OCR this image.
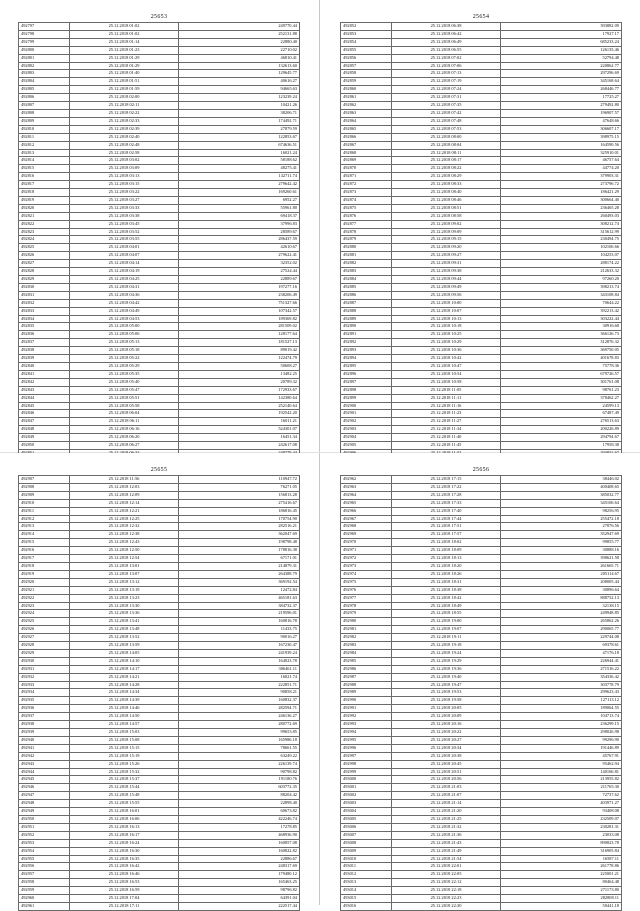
25653
492797	25.12.2018 01:02	249770.44
492798	25.12.2018 01:02	252131.88
492799	25.12.2018 01:14	22880.40
492800	25.12.2018 01:23	22710.02
492801	25.12.2018 01:29	46810.41
492802	25.12.2018 01:29	132613.60
492803	25.12.2018 01:40	129645.77
492804	25.12.2018 01:51	40616.27
492805	25.12.2018 01:59	94665.63
492806	25.12.2018 02:00	123239.24
492807	25.12.2018 02:11	10421.26
492808	25.12.2018 02:22	38206.71
492809	25.12.2018 02:33	174492.71
492810	25.12.2018 02:39	27879.59
492811	25.12.2018 02:40	122853.67
492812	25.12.2018 02:48	674636.51
492813	25.12.2018 02:58	16021.24
492814	25.12.2018 03:02	58188.62
492815	25.12.2018 03:09	48275.41
492816	25.12.2018 03:13	132711.74
492817	25.12.2018 03:15	279642.42
492818	25.12.2018 03:22	169260.61
492819	25.12.2018 03:27	6952.27
492820	25.12.2018 03:33	55961.80
492821	25.12.2018 03:38	69418.37
492822	25.12.2018 03:45	37996.83
492823	25.12.2018 03:52	28589.67
492824	25.12.2018 03:55	286437.59
492825	25.12.2018 04:01	42610.67
492826	25.12.2018 04:07	279622.41
492827	25.12.2018 04:14	32352.02
492828	25.12.2018 04:19	27524.44
492829	25.12.2018 04:25	22889.67
492830	25.12.2018 04:31	197277.16
492831	25.12.2018 04:36	238206.49
492832	25.12.2018 04:42	751327.66
492833	25.12.2018 04:49	107342.57
492834	25.12.2018 04:53	189369.82
492835	25.12.2018 05:00	281509.02
492836	25.12.2018 05:06	128177.64
492837	25.12.2018 05:13	181527.13
492838	25.12.2018 05:18	89019.42
492839	25.12.2018 05:22	122474.79
492840	25.12.2018 05:29	50608.27
492841	25.12.2018 05:35	13482.25
492842	25.12.2018 05:40	20789.32
492843	25.12.2018 05:47	172933.67
492844	25.12.2018 05:51	142380.64
492845	25.12.2018 05:58	252140.64
492846	25.12.2018 06:04	192542.20
492847	25.12.2018 06:11	16011.21
492848	25.12.2018 06:16	524301.07
492849	25.12.2018 06:20	16451.34
492850	25.12.2018 06:27	242617.08

25654
492852	25.12.2018 06:38	393882.09
492853	25.12.2018 06:42	17927.17
492854	25.12.2018 06:49	685233.24
492855	25.12.2018 06:55	126135.46
492856	25.12.2018 07:02	52794.48
492857	25.12.2018 07:06	220862.77
492858	25.12.2018 07:13	297296.69
492859	25.12.2018 07:19	345168.64
492860	25.12.2018 07:24	268446.77
492861	25.12.2018 07:31	17725.27
492862	25.12.2018 07:35	279492.80
492863	25.12.2018 07:42	196907.57
492864	25.12.2018 07:48	47648.66
492865	25.12.2018 07:53	306607.17
492866	25.12.2018 08:00	398975.15
492867	25.12.2018 08:04	164590.56
492868	25.12.2018 08:11	325910.01
492869	25.12.2018 08:17	46757.64
492870	25.12.2018 08:22	44774.20
492871	25.12.2018 08:29	379903.31
492872	25.12.2018 08:33	273796.72
492873	25.12.2018 08:40	186421.29
492874	25.12.2018 08:46	300664.40
492875	25.12.2018 08:51	236465.28
492876	25.12.2018 08:58	260493.03
492877	25.12.2018 09:02	308212.74
492878	25.12.2018 09:09	315612.99
492879	25.12.2018 09:15	230494.75
492880	25.12.2018 09:20	102106.66
492881	25.12.2018 09:27	104253.07
492882	25.12.2018 09:31	288174.22
492883	25.12.2018 09:38	212633.32
492884	25.12.2018 09:44	97260.20
492885	25.12.2018 09:49	398213.74
492886	25.12.2018 09:56	343108.84
492887	25.12.2018 10:00	70644.22
492888	25.12.2018 10:07	392213.42
492889	25.12.2018 10:13	303222.44
492890	25.12.2018 10:18	30916.68
492891	25.12.2018 10:25	366126.73
492892	25.12.2018 10:29	312876.32
492893	25.12.2018 10:36	369750.05
492894	25.12.2018 10:42	401678.83
492895	25.12.2018 10:47	75778.36
492896	25.12.2018 10:54	679726.57
492897	25.12.2018 10:58	301761.08
492898	25.12.2018 11:05	98761.23
492899	25.12.2018 11:11	378462.27
492900	25.12.2018 11:16	24599.13
492901	25.12.2018 11:23	67487.49
492902	25.12.2018 11:27	276513.63
492903	25.12.2018 11:34	200226.89
492904	25.12.2018 11:40	294794.67
492905	25.12.2018 11:45	17958.38

25655
492907	25.12.2018 11:56	110947.72
492908	25.12.2018 12:03	76271.05
492909	25.12.2018 12:09	156813.28
492910	25.12.2018 12:14	275416.67
492911	25.12.2018 12:21	186816.45
492912	25.12.2018 12:25	170754.90
492913	25.12.2018 12:32	282516.21
492914	25.12.2018 12:38	362047.69
492915	25.12.2018 12:43	198798.48
492916	25.12.2018 12:50	178816.38
492917	25.12.2018 12:54	67171.01
492918	25.12.2018 13:01	214879.31
492919	25.12.2018 13:07	264388.79
492920	25.12.2018 13:12	369192.54
492921	25.12.2018 13:19	12472.84
492922	25.12.2018 13:23	465181.63
492923	25.12.2018 13:30	384732.37
492924	25.12.2018 13:36	219596.01
492925	25.12.2018 13:41	160816.78
492926	25.12.2018 13:48	11433.75
492927	25.12.2018 13:52	90016.27
492928	25.12.2018 13:59	167230.47
492929	25.12.2018 14:05	241939.24
492930	25.12.2018 14:10	164023.78
492931	25.12.2018 14:17	306461.11
492932	25.12.2018 14:21	16021.74
492933	25.12.2018 14:28	222851.71
492934	25.12.2018 14:34	90858.21
492935	25.12.2018 14:39	160832.37
492936	25.12.2018 14:46	282594.71
492937	25.12.2018 14:50	246136.27
492938	25.12.2018 14:57	280772.69
492939	25.12.2018 15:03	99653.85
492940	25.12.2018 15:08	165986.18
492941	25.12.2018 15:15	78661.55
492942	25.12.2018 15:19	63249.22
492943	25.12.2018 15:26	226139.74
492944	25.12.2018 15:32	90798.82
492945	25.12.2018 15:37	191180.76
492946	25.12.2018 15:44	603772.35
492947	25.12.2018 15:48	88204.42
492948	25.12.2018 15:55	22898.40
492949	25.12.2018 16:01	60673.82
492950	25.12.2018 16:06	422246.74
492951	25.12.2018 16:13	17278.85
492952	25.12.2018 16:17	468936.90
492953	25.12.2018 16:24	160857.08
492954	25.12.2018 16:30	160822.82
492955	25.12.2018 16:35	22886.67
492956	25.12.2018 16:42	248317.69
492957	25.12.2018 16:46	179480.12
492958	25.12.2018 16:53	165463.25
492959	25.12.2018 16:59	98796.82
492960	25.12.2018 17:04	64391.04
492961	25.12.2018 17:11	222517.44
25656
492962	25.12.2018 17:15	38446.02
492963	25.12.2018 17:22	400408.65
492964	25.12.2018 17:28	385032.77
492965	25.12.2018 17:33	345106.64
492966	25.12.2018 17:40	98256.95
492967	25.12.2018 17:44	255472.18
492968	25.12.2018 17:51	27876.56
492969	25.12.2018 17:57	352947.69
492970	25.12.2018 18:02	99855.77
492971	25.12.2018 18:09	30888.16
492972	25.12.2018 18:13	398621.58
492973	25.12.2018 18:20	261665.71
492974	25.12.2018 18:26	205114.67
492975	25.12.2018 18:31	208005.44
492976	25.12.2018 18:38	30896.64
492977	25.12.2018 18:42	888752.13
492978	25.12.2018 18:49	32138.15
492979	25.12.2018 18:55	249948.85
492980	25.12.2018 19:00	265862.26
492981	25.12.2018 19:07	290065.77
492982	25.12.2018 19:11	229744.08
492983	25.12.2018 19:18	69378.61
492984	25.12.2018 19:24	47176.18
492985	25.12.2018 19:29	226944.41
492986	25.12.2018 19:36	271516.22
492987	25.12.2018 19:40	354336.42
492988	25.12.2018 19:47	303778.79
492989	25.12.2018 19:53	299623.43
492990	25.12.2018 19:58	127113.12
492991	25.12.2018 20:05	189064.55
492992	25.12.2018 20:09	104713.74
492993	25.12.2018 20:16	236299.15
492994	25.12.2018 20:22	298026.98
492995	25.12.2018 20:27	99296.90
492996	25.12.2018 20:34	191446.89
492997	25.12.2018 20:38	45767.91
492998	25.12.2018 20:45	95462.94
492999	25.12.2018 20:51	140166.81
493000	25.12.2018 20:56	213955.82
493001	25.12.2018 21:03	211765.30
493002	25.12.2018 21:07	72737.62
493003	25.12.2018 21:14	403971.27
493004	25.12.2018 21:20	93408.08
493005	25.12.2018 21:25	232509.07
493006	25.12.2018 21:32	230281.31
493007	25.12.2018 21:36	23033.08
493008	25.12.2018 21:43	890823.78
493009	25.12.2018 21:49	316905.84
493010	25.12.2018 21:54	16587.11
493011	25.12.2018 22:01	261778.86
493012	25.12.2018 22:05	225001.21
493013	25.12.2018 22:12	80464.48
493014	25.12.2018 22:18	271173.80
493015	25.12.2018 22:23	282808.11
493016	25.12.2018 22:30	50441.18
